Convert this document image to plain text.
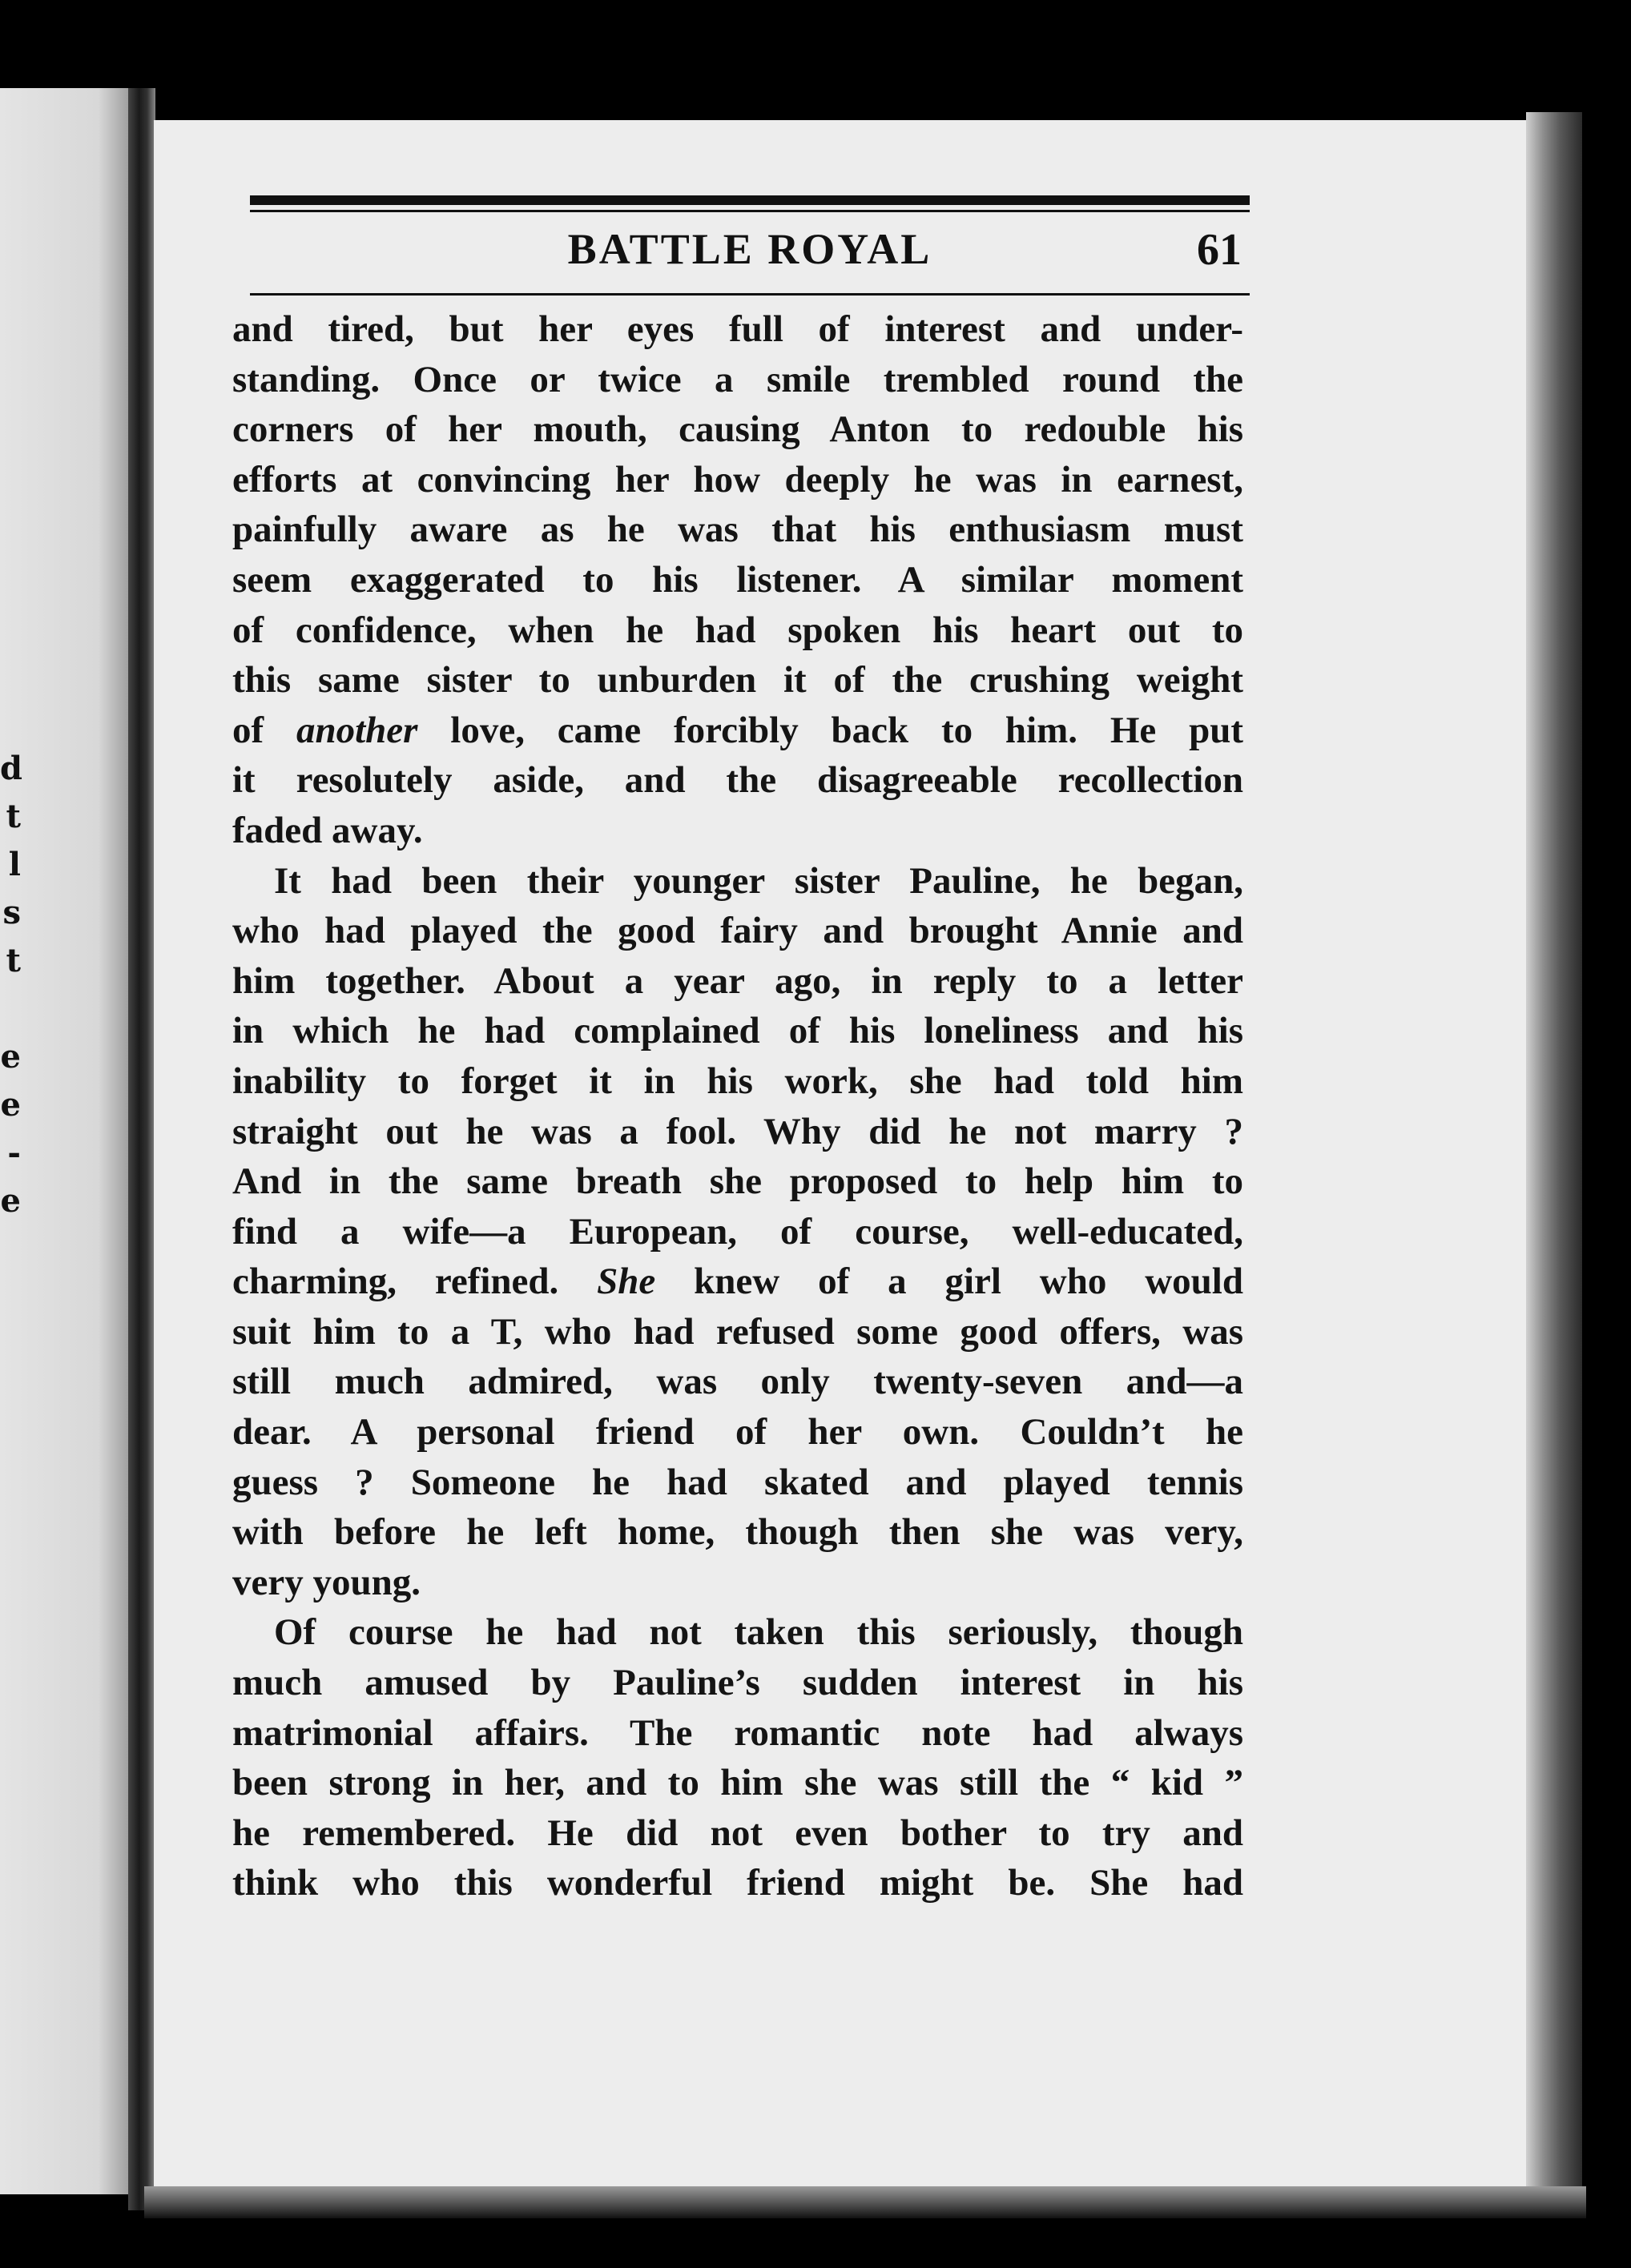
d
t
l
s
t

e
e
-
e
BATTLE ROYAL	61
and tired, but her eyes full of interest and under-
standing. Once or twice a smile trembled round the
corners of her mouth, causing Anton to redouble his
efforts at convincing her how deeply he was in earnest,
painfully aware as he was that his enthusiasm must
seem exaggerated to his listener. A similar moment
of confidence, when he had spoken his heart out to
this same sister to unburden it of the crushing weight
of another love, came forcibly back to him. He put
it resolutely aside, and the disagreeable recollection
faded away.
It had been their younger sister Pauline, he began,
who had played the good fairy and brought Annie and
him together. About a year ago, in reply to a letter
in which he had complained of his loneliness and his
inability to forget it in his work, she had told him
straight out he was a fool. Why did he not marry ?
And in the same breath she proposed to help him to
find a wife—a European, of course, well-educated,
charming, refined. She knew of a girl who would
suit him to a T, who had refused some good offers, was
still much admired, was only twenty-seven and—a
dear. A personal friend of her own. Couldn’t he
guess ? Someone he had skated and played tennis
with before he left home, though then she was very,
very young.
Of course he had not taken this seriously, though
much amused by Pauline’s sudden interest in his
matrimonial affairs. The romantic note had always
been strong in her, and to him she was still the “ kid ”
he remembered. He did not even bother to try and
think who this wonderful friend might be. She had
